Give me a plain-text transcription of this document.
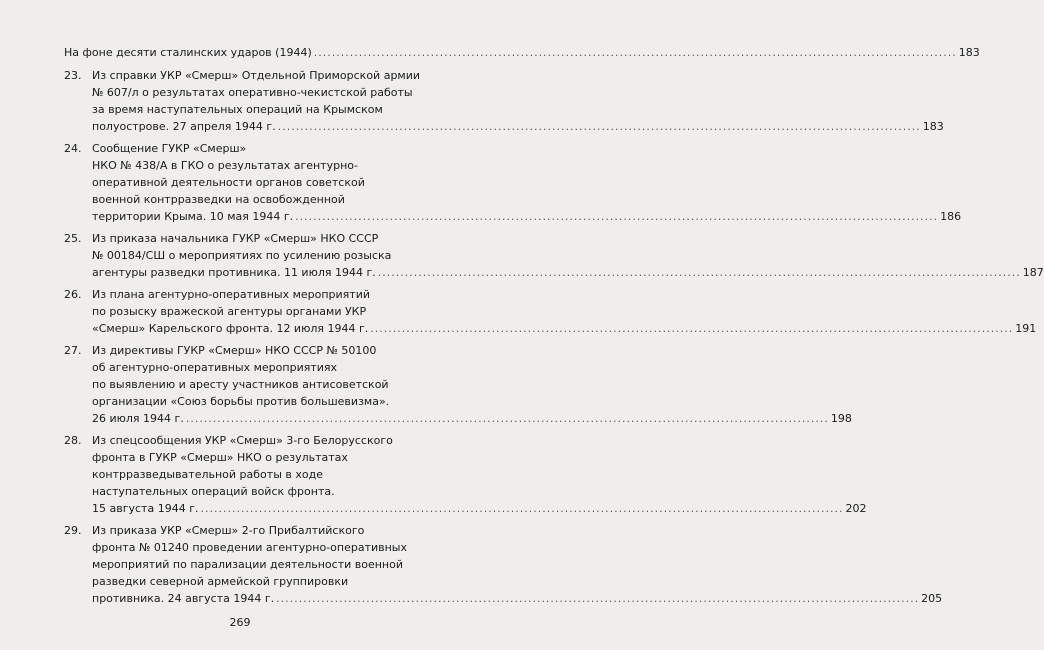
На фоне десяти сталинских ударов (1944) .....	183
23. Из справки УКР «Смерш» Отдельной Приморской армии
№ 607/л о результатах оперативно-чекистской работы
за время наступательных операций на Крымском
полуострове. 27 апреля 1944 г. .....	183
24. Сообщение ГУКР «Смерш»
НКО № 438/А в ГКО о результатах агентурно-
оперативной деятельности органов советской
военной контрразведки на освобожденной
территории Крыма. 10 мая 1944 г. .....	186
25. Из приказа начальника ГУКР «Смерш» НКО СССР
№ 00184/СШ о мероприятиях по усилению розыска
агентуры разведки противника. 11 июля 1944 г. .....	187
26. Из плана агентурно-оперативных мероприятий
по розыску вражеской агентуры органами УКР
«Смерш» Карельского фронта. 12 июля 1944 г. .....	191
27. Из директивы ГУКР «Смерш» НКО СССР № 50100
об агентурно-оперативных мероприятиях
по выявлению и аресту участников антисоветской
организации «Союз борьбы против большевизма».
26 июля 1944 г. .....	198
28. Из спецсообщения УКР «Смерш» 3-го Белорусского
фронта в ГУКР «Смерш» НКО о результатах
контрразведывательной работы в ходе
наступательных операций войск фронта.
15 августа 1944 г. .....	202
29. Из приказа УКР «Смерш» 2-го Прибалтийского
фронта № 01240 проведении агентурно-оперативных
мероприятий по парализации деятельности военной
разведки северной армейской группировки
противника. 24 августа 1944 г. .....	205
269
